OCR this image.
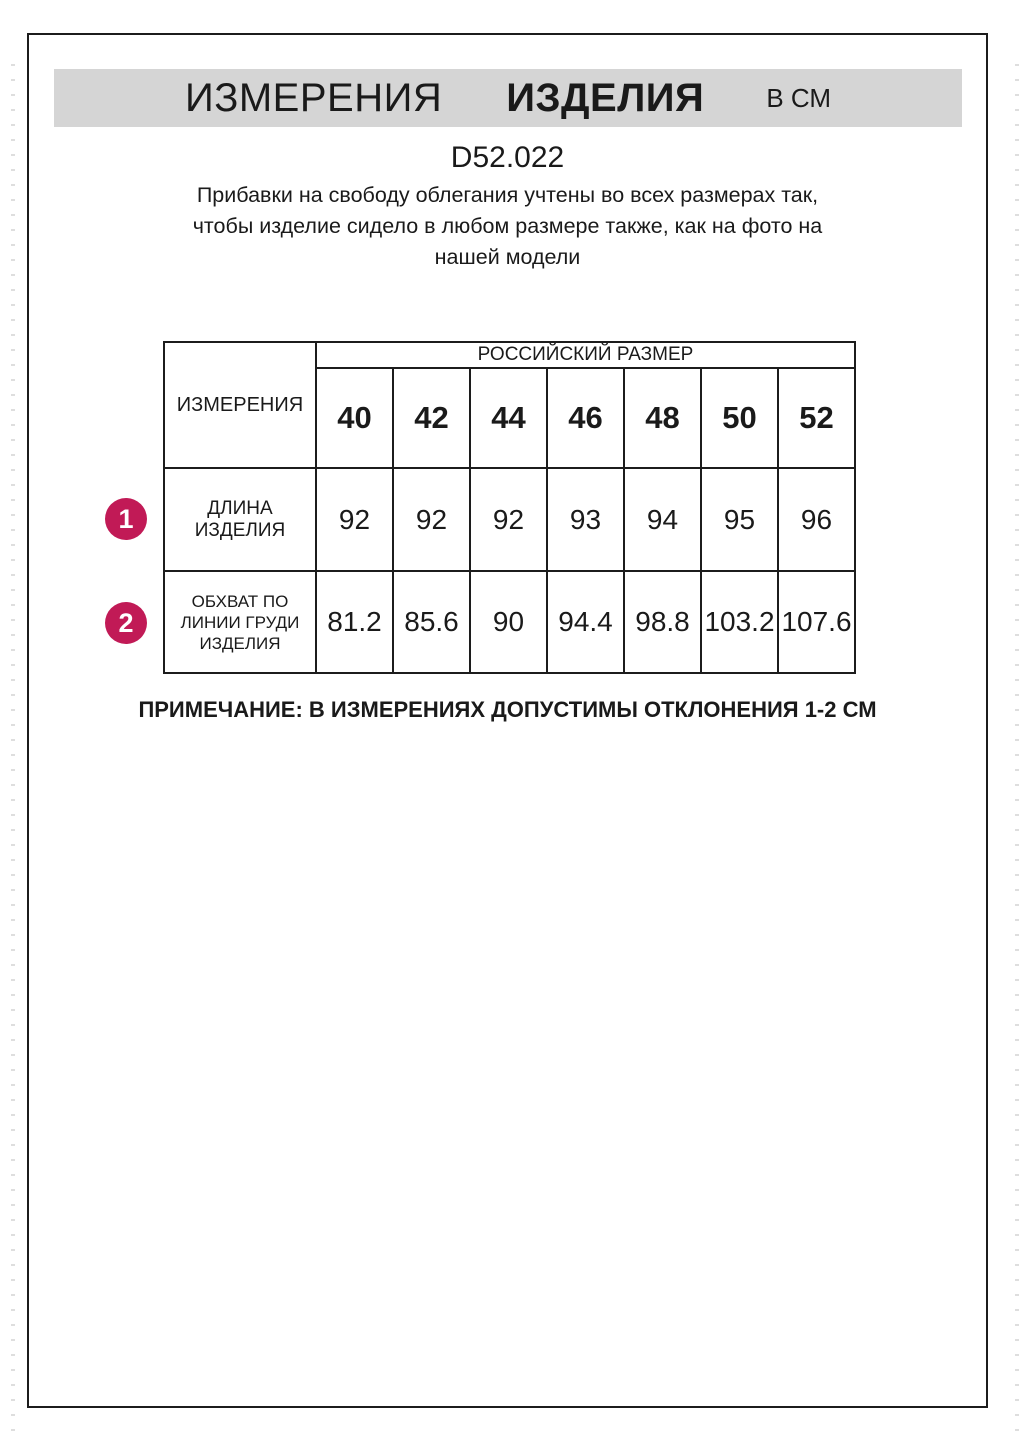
ИЗМЕРЕНИЯ ИЗДЕЛИЯ В СМ
D52.022
Прибавки на свободу облегания учтены во всех размерах так,
чтобы изделие сидело в любом размере также, как на фото на
нашей модели
1
2
ИЗМЕРЕНИЯ	РОССИЙСКИЙ РАЗМЕР						
	40	42	44	46	48	50	52
ДЛИНА ИЗДЕЛИЯ	92	92	92	93	94	95	96

ОБХВАТ ПО
ЛИНИИ ГРУДИ
ИЗДЕЛИЯ	81.2	85.6	90	94.4	98.8	103.2	107.6
ПРИМЕЧАНИЕ: В ИЗМЕРЕНИЯХ ДОПУСТИМЫ ОТКЛОНЕНИЯ 1-2 СМ
